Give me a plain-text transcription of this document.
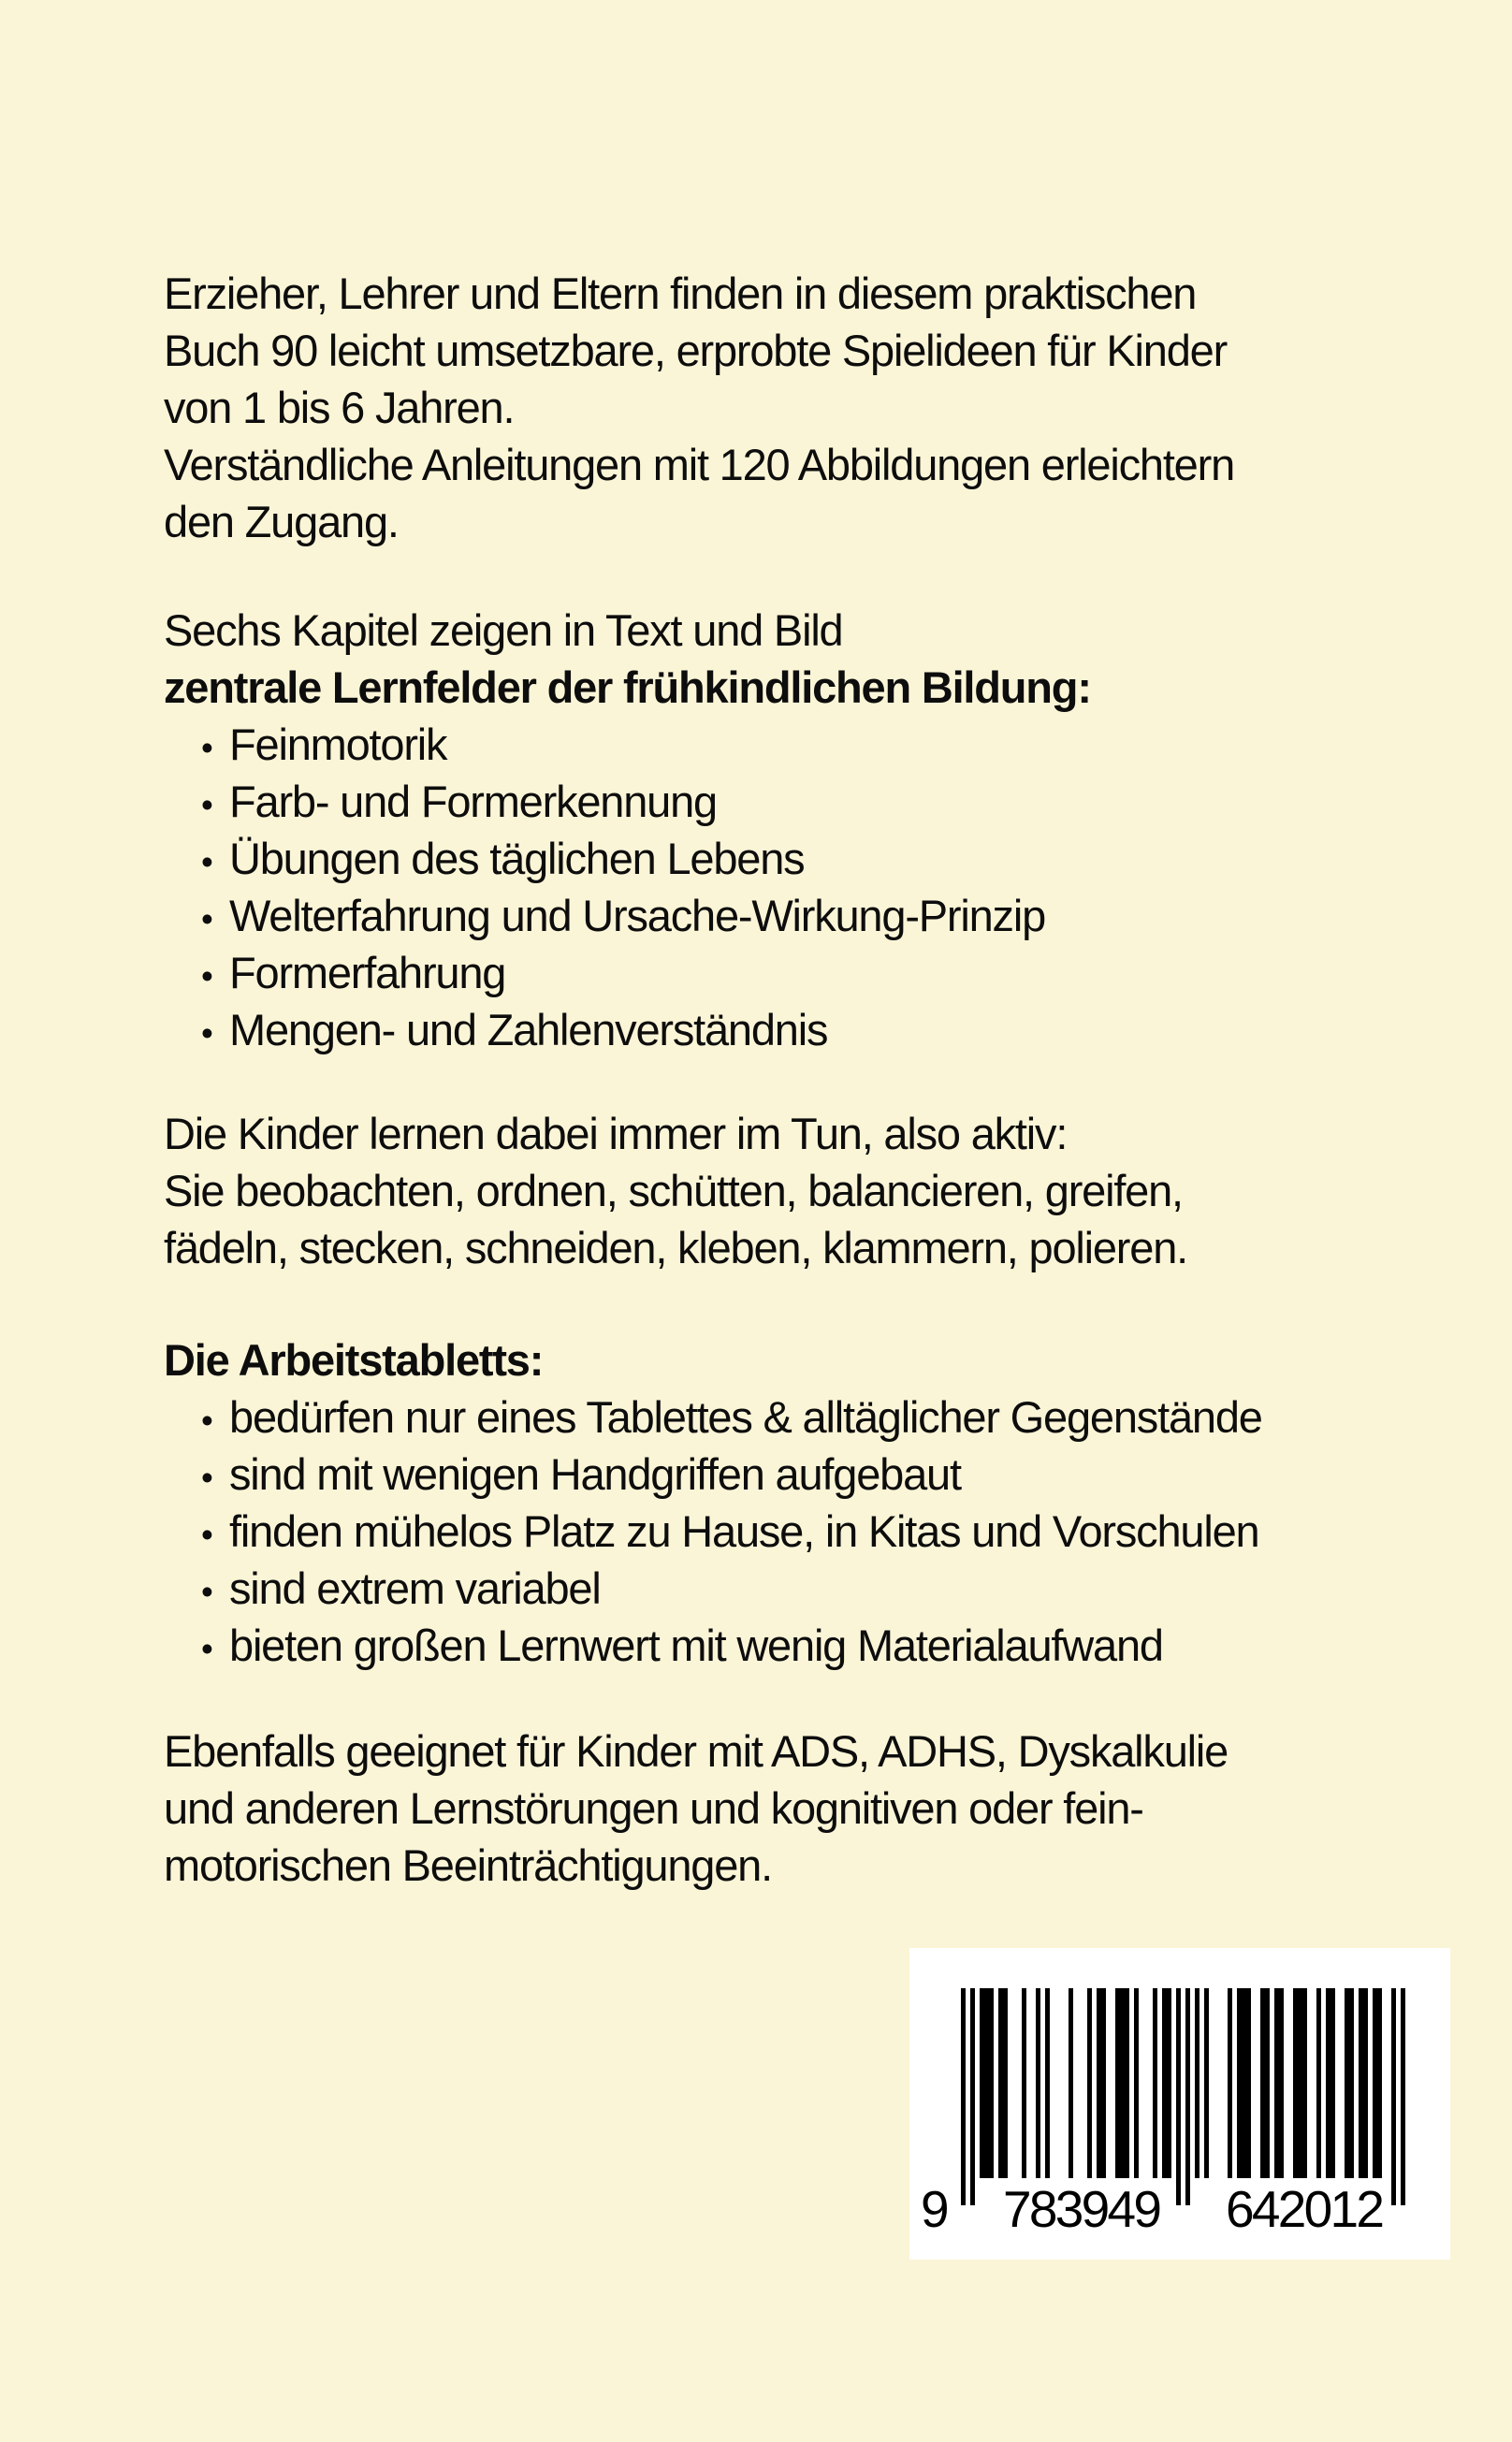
Erzieher, Lehrer und Eltern finden in diesem praktischen
Buch 90 leicht umsetzbare, erprobte Spielideen für Kinder
von 1 bis 6 Jahren.
Verständliche Anleitungen mit 120 Abbildungen erleichtern
den Zugang.
Sechs Kapitel zeigen in Text und Bild
zentrale Lernfelder der frühkindlichen Bildung:
•
Feinmotorik
•
Farb- und Formerkennung
•
Übungen des täglichen Lebens
•
Welterfahrung und Ursache-Wirkung-Prinzip
•
Formerfahrung
•
Mengen- und Zahlenverständnis
Die Kinder lernen dabei immer im Tun, also aktiv:
Sie beobachten, ordnen, schütten, balancieren, greifen,
fädeln, stecken, schneiden, kleben, klammern, polieren.
Die Arbeitstabletts:
•
bedürfen nur eines Tablettes & alltäglicher Gegenstände
•
sind mit wenigen Handgriffen aufgebaut
•
finden mühelos Platz zu Hause, in Kitas und Vorschulen
•
sind extrem variabel
•
bieten großen Lernwert mit wenig Materialaufwand
Ebenfalls geeignet für Kinder mit ADS, ADHS, Dyskalkulie
und anderen Lernstörungen und kognitiven oder fein-
motorischen Beeinträchtigungen.
9 783949 642012
